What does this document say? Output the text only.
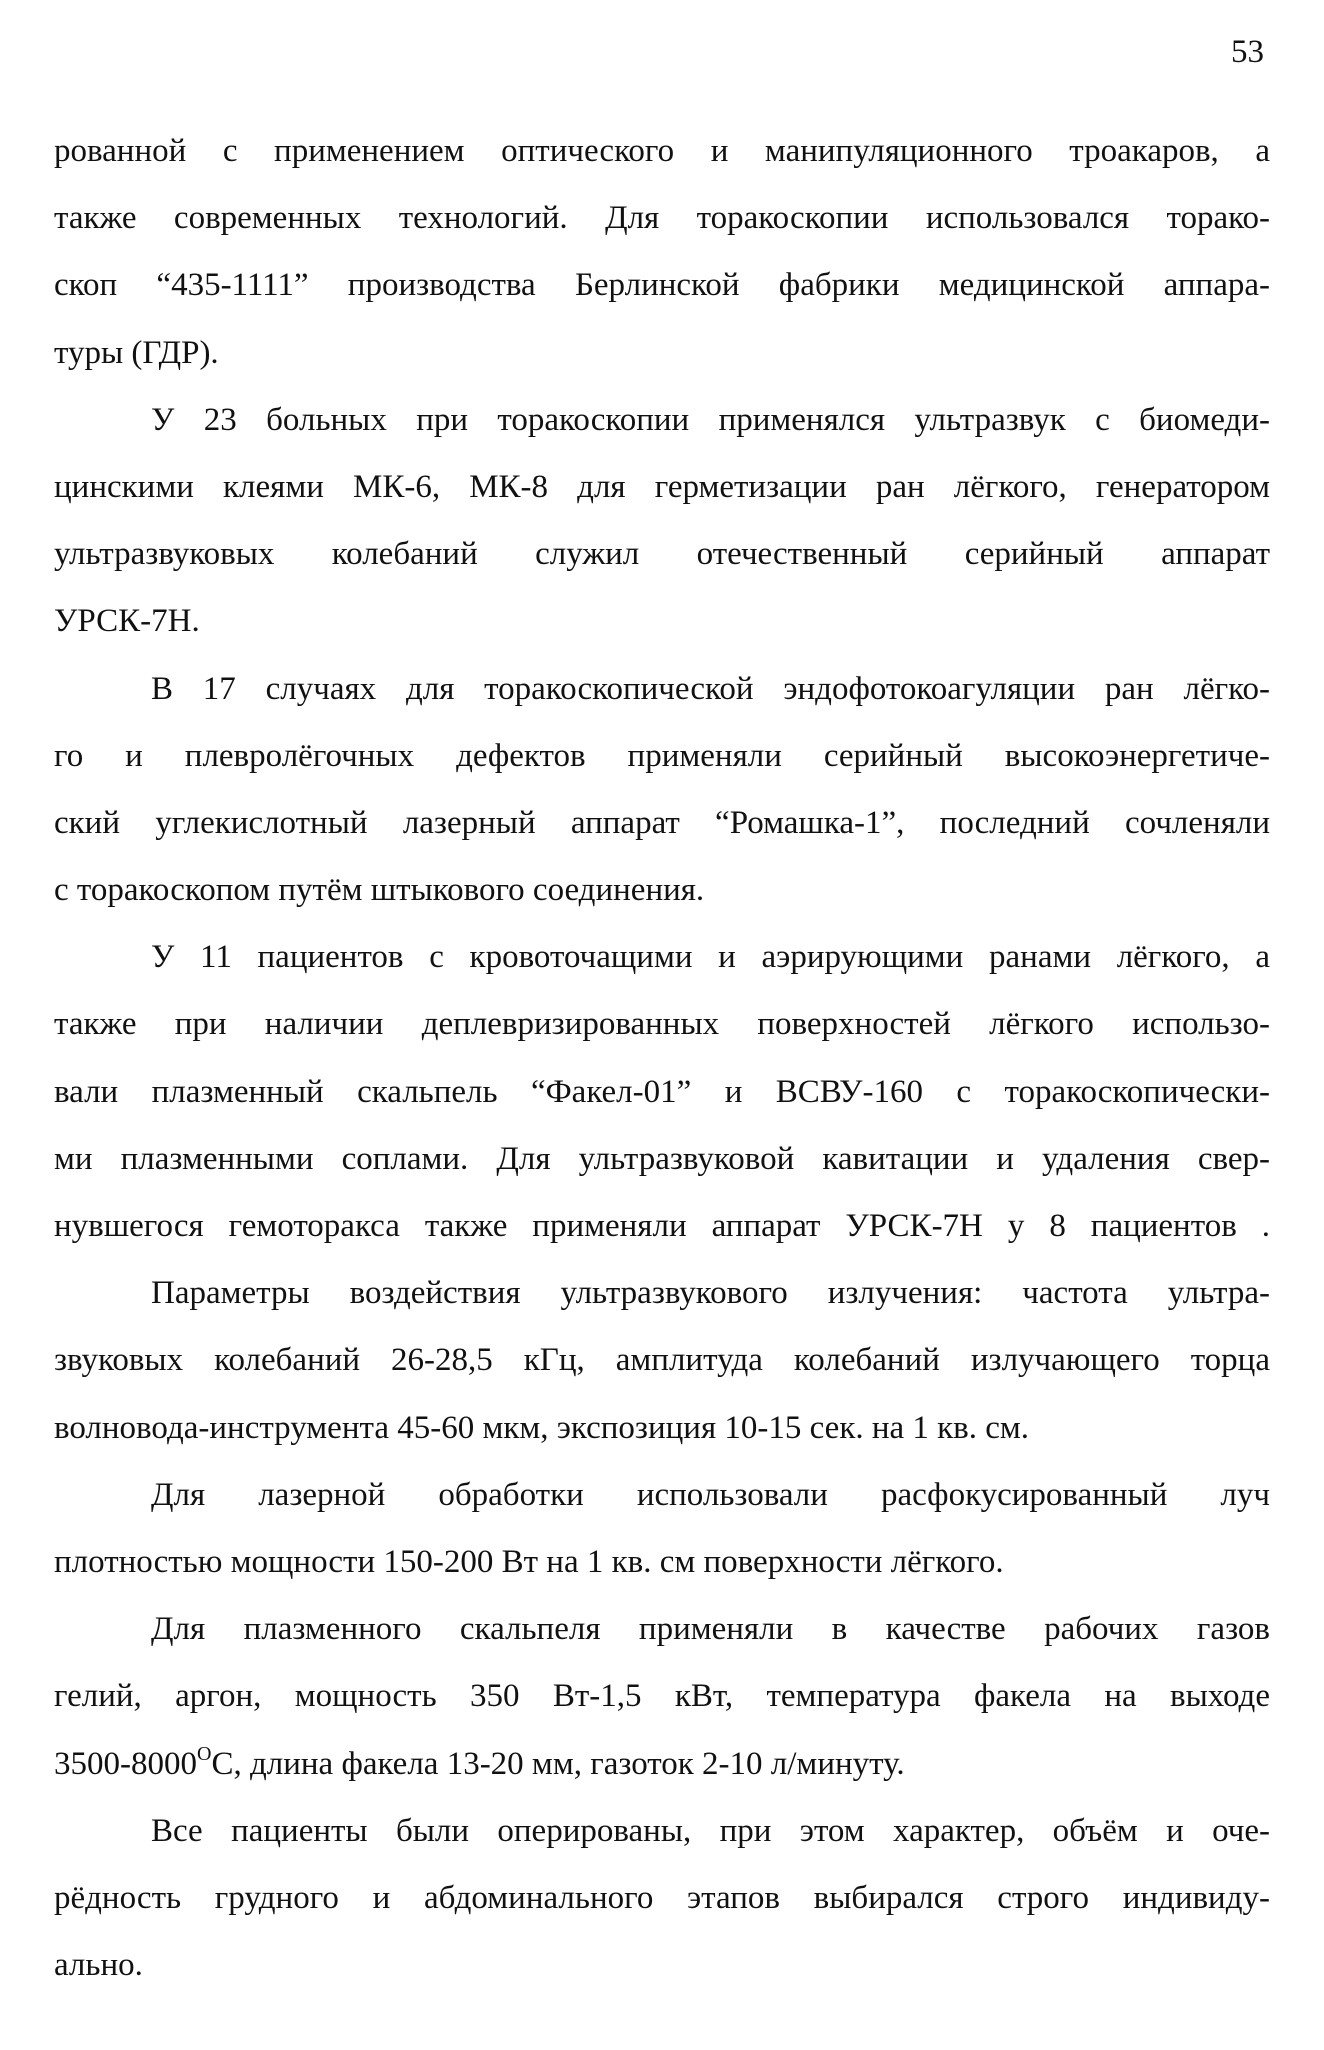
53
рованной с применением оптического и манипуляционного троакаров, а
также современных технологий. Для торакоскопии использовался торако-
скоп “435-1111” производства Берлинской фабрики медицинской аппара-
туры (ГДР).
У 23 больных при торакоскопии применялся ультразвук с биомеди-
цинскими клеями МК-6, МК-8 для герметизации ран лёгкого, генератором
ультразвуковых колебаний служил отечественный серийный аппарат
УРСК-7Н.
В 17 случаях для торакоскопической эндофотокоагуляции ран лёгко-
го и плевролёгочных дефектов применяли серийный высокоэнергетиче-
ский углекислотный лазерный аппарат “Ромашка-1”, последний сочленяли
с торакоскопом путём штыкового соединения.
У 11 пациентов с кровоточащими и аэрирующими ранами лёгкого, а
также при наличии деплевризированных поверхностей лёгкого использо-
вали плазменный скальпель “Факел-01” и ВСВУ-160 с торакоскопически-
ми плазменными соплами. Для ультразвуковой кавитации и удаления свер-
нувшегося гемоторакса также применяли аппарат УРСК-7Н у 8 пациентов .
Параметры воздействия ультразвукового излучения: частота ультра-
звуковых колебаний 26-28,5 кГц, амплитуда колебаний излучающего торца
волновода-инструмента 45-60 мкм, экспозиция 10-15 сек. на 1 кв. см.
Для лазерной обработки использовали расфокусированный луч
плотностью мощности 150-200 Вт на 1 кв. см поверхности лёгкого.
Для плазменного скальпеля применяли в качестве рабочих газов
гелий, аргон, мощность 350 Вт-1,5 кВт, температура факела на выходе
$3500-8000^OС$, длина факела 13-20 мм, газоток 2-10 л/минуту.
Все пациенты были оперированы, при этом характер, объём и оче-
рёдность грудного и абдоминального этапов выбирался строго индивиду-
ально.
